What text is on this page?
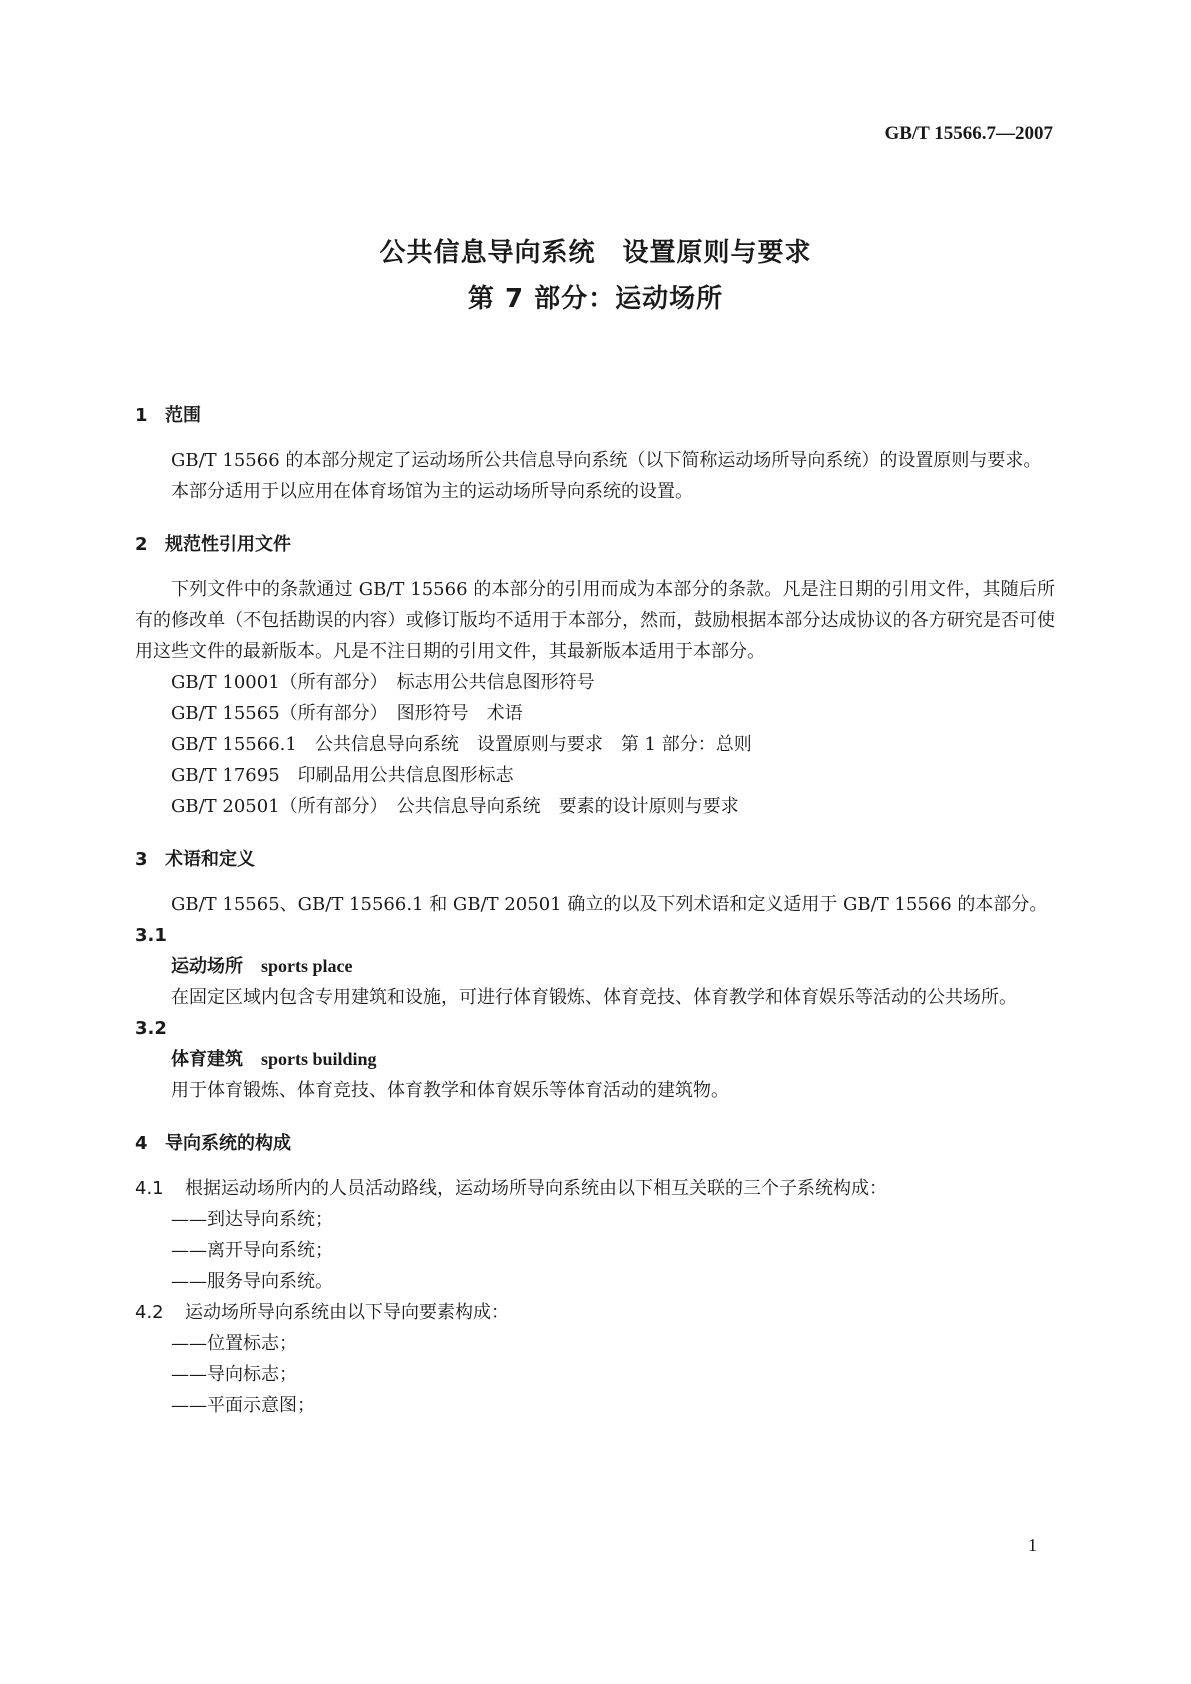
GB/T 15566.7—2007
公共信息导向系统　设置原则与要求
第 7 部分：运动场所
1 范围

GB/T 15566 的本部分规定了运动场所公共信息导向系统（以下简称运动场所导向系统）的设置原则与要求。

本部分适用于以应用在体育场馆为主的运动场所导向系统的设置。

2 规范性引用文件

下列文件中的条款通过 GB/T 15566 的本部分的引用而成为本部分的条款。凡是注日期的引用文件，其随后所有的修改单（不包括勘误的内容）或修订版均不适用于本部分，然而，鼓励根据本部分达成协议的各方研究是否可使用这些文件的最新版本。凡是不注日期的引用文件，其最新版本适用于本部分。

GB/T 10001（所有部分）　标志用公共信息图形符号

GB/T 15565（所有部分）　图形符号　术语

GB/T 15566.1　公共信息导向系统　设置原则与要求　第 1 部分：总则

GB/T 17695　印刷品用公共信息图形标志

GB/T 20501（所有部分）　公共信息导向系统　要素的设计原则与要求

3 术语和定义

GB/T 15565、GB/T 15566.1 和 GB/T 20501 确立的以及下列术语和定义适用于 GB/T 15566 的本部分。

3.1

运动场所 sports place

在固定区域内包含专用建筑和设施，可进行体育锻炼、体育竞技、体育教学和体育娱乐等活动的公共场所。

3.2

体育建筑 sports building

用于体育锻炼、体育竞技、体育教学和体育娱乐等体育活动的建筑物。

4 导向系统的构成

4.1 根据运动场所内的人员活动路线，运动场所导向系统由以下相互关联的三个子系统构成：

——到达导向系统；

——离开导向系统；

——服务导向系统。

4.2 运动场所导向系统由以下导向要素构成：

——位置标志；

——导向标志；

——平面示意图；

1
